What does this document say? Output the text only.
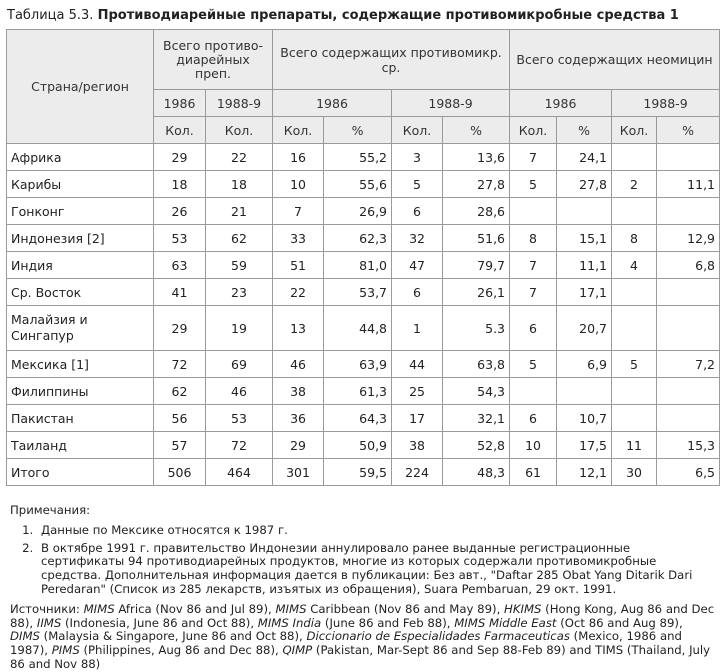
Таблица 5.3. Противодиарейные препараты, содержащие противомикробные средства 1
Страна/регион	Всего противо-диарейных преп.		Всего содержащих противомикр. ср.				Всего содержащих неомицин			
	1986	1988-9	1986		1988-9		1986		1988-9	
	Кол.	Кол.	Кол.	%	Кол.	%	Кол.	%	Кол.	%
Африка	29	22	16	55,2	3	13,6	7	24,1		
Карибы	18	18	10	55,6	5	27,8	5	27,8	2	11,1
Гонконг	26	21	7	26,9	6	28,6				
Индонезия [2]	53	62	33	62,3	32	51,6	8	15,1	8	12,9
Индия	63	59	51	81,0	47	79,7	7	11,1	4	6,8
Ср. Восток	41	23	22	53,7	6	26,1	7	17,1		
Малайзия и Сингапур	29	19	13	44,8	1	5.3	6	20,7		
Мексика [1]	72	69	46	63,9	44	63,8	5	6,9	5	7,2
Филиппины	62	46	38	61,3	25	54,3				
Пакистан	56	53	36	64,3	17	32,1	6	10,7		
Таиланд	57	72	29	50,9	38	52,8	10	17,5	11	15,3
Итого	506	464	301	59,5	224	48,3	61	12,1	30	6,5
Примечания:
1. Данные по Мексике относятся к 1987 г.
2. В октябре 1991 г. правительство Индонезии аннулировало ранее выданные регистрационные сертификаты 94 противодиарейных продуктов, многие из которых содержали противомикробные средства. Дополнительная информация дается в публикации: Без авт., "Daftar 285 Obat Yang Ditarik Dari Peredaran" (Список из 285 лекарств, изъятых из обращения), Suara Pembaruan, 29 окт. 1991.
Источники: MIMS Africa (Nov 86 and Jul 89), MIMS Caribbean (Nov 86 and May 89), HKIMS (Hong Kong, Aug 86 and Dec 88), IIMS (Indonesia, June 86 and Oct 88), MIMS India (June 86 and Feb 88), MIMS Middle East (Oct 86 and Aug 89), DIMS (Malaysia & Singapore, June 86 and Oct 88), Diccionario de Especialidades Farmaceuticas (Mexico, 1986 and 1987), PIMS (Philippines, Aug 86 and Dec 88), QIMP (Pakistan, Mar-Sept 86 and Sep 88-Feb 89) and TIMS (Thailand, July 86 and Nov 88)
